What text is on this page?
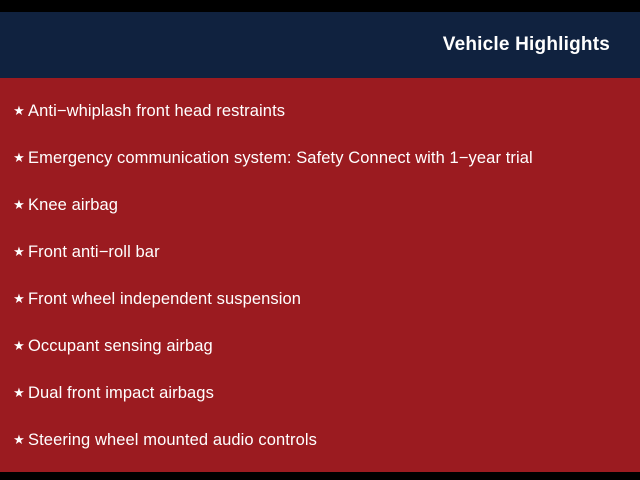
Vehicle Highlights
★ Anti−whiplash front head restraints
★ Emergency communication system: Safety Connect with 1−year trial
★ Knee airbag
★ Front anti−roll bar
★ Front wheel independent suspension
★ Occupant sensing airbag
★ Dual front impact airbags
★ Steering wheel mounted audio controls
